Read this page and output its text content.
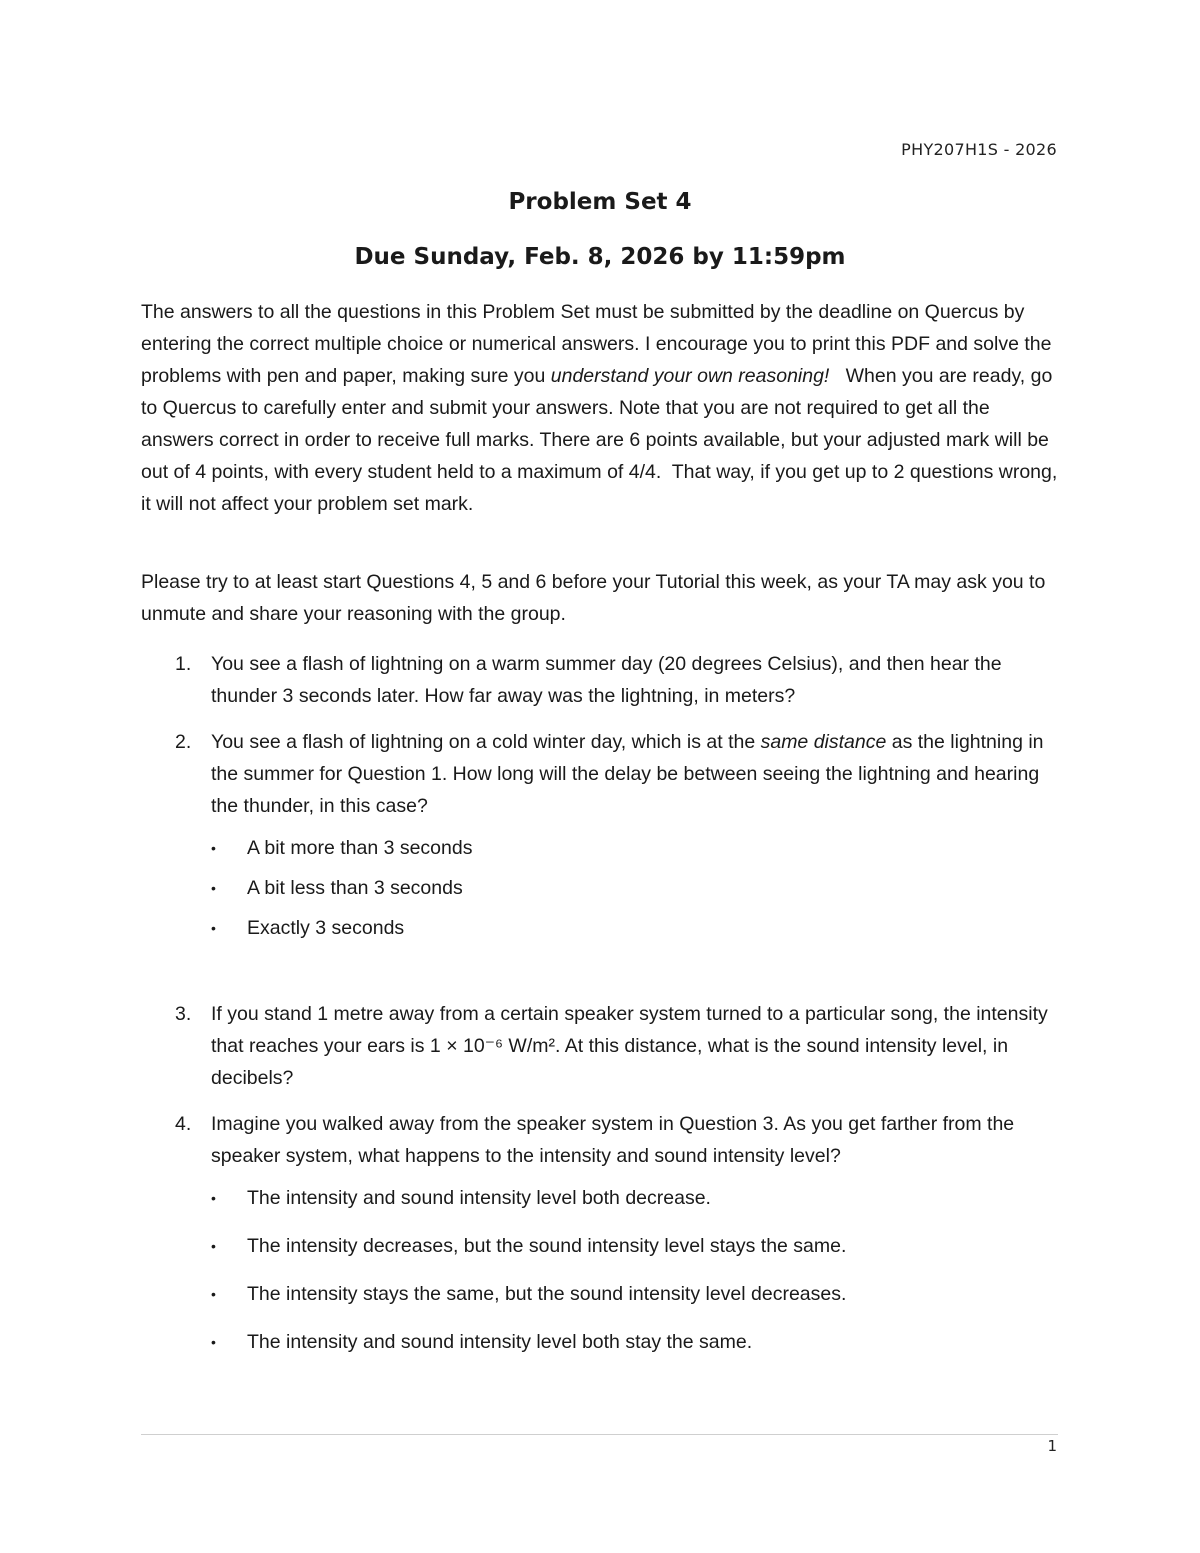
PHY207H1S - 2026
Problem Set 4
Due Sunday, Feb. 8, 2026 by 11:59pm

The answers to all the questions in this Problem Set must be submitted by the deadline on Quercus by entering the correct multiple choice or numerical answers. I encourage you to print this PDF and solve the problems with pen and paper, making sure you understand your own reasoning!   When you are ready, go to Quercus to carefully enter and submit your answers. Note that you are not required to get all the answers correct in order to receive full marks. There are 6 points available, but your adjusted mark will be out of 4 points, with every student held to a maximum of 4/4.  That way, if you get up to 2 questions wrong, it will not affect your problem set mark.

Please try to at least start Questions 4, 5 and 6 before your Tutorial this week, as your TA may ask you to unmute and share your reasoning with the group.

1. You see a flash of lightning on a warm summer day (20 degrees Celsius), and then hear the thunder 3 seconds later. How far away was the lightning, in meters?
2. You see a flash of lightning on a cold winter day, which is at the same distance as the lightning in the summer for Question 1. How long will the delay be between seeing the lightning and hearing the thunder, in this case?
• A bit more than 3 seconds
• A bit less than 3 seconds
• Exactly 3 seconds
3. If you stand 1 metre away from a certain speaker system turned to a particular song, the intensity that reaches your ears is 1 × 10⁻⁶ W/m². At this distance, what is the sound intensity level, in decibels?
4. Imagine you walked away from the speaker system in Question 3. As you get farther from the speaker system, what happens to the intensity and sound intensity level?
• The intensity and sound intensity level both decrease.
• The intensity decreases, but the sound intensity level stays the same.
• The intensity stays the same, but the sound intensity level decreases.
• The intensity and sound intensity level both stay the same.
1
